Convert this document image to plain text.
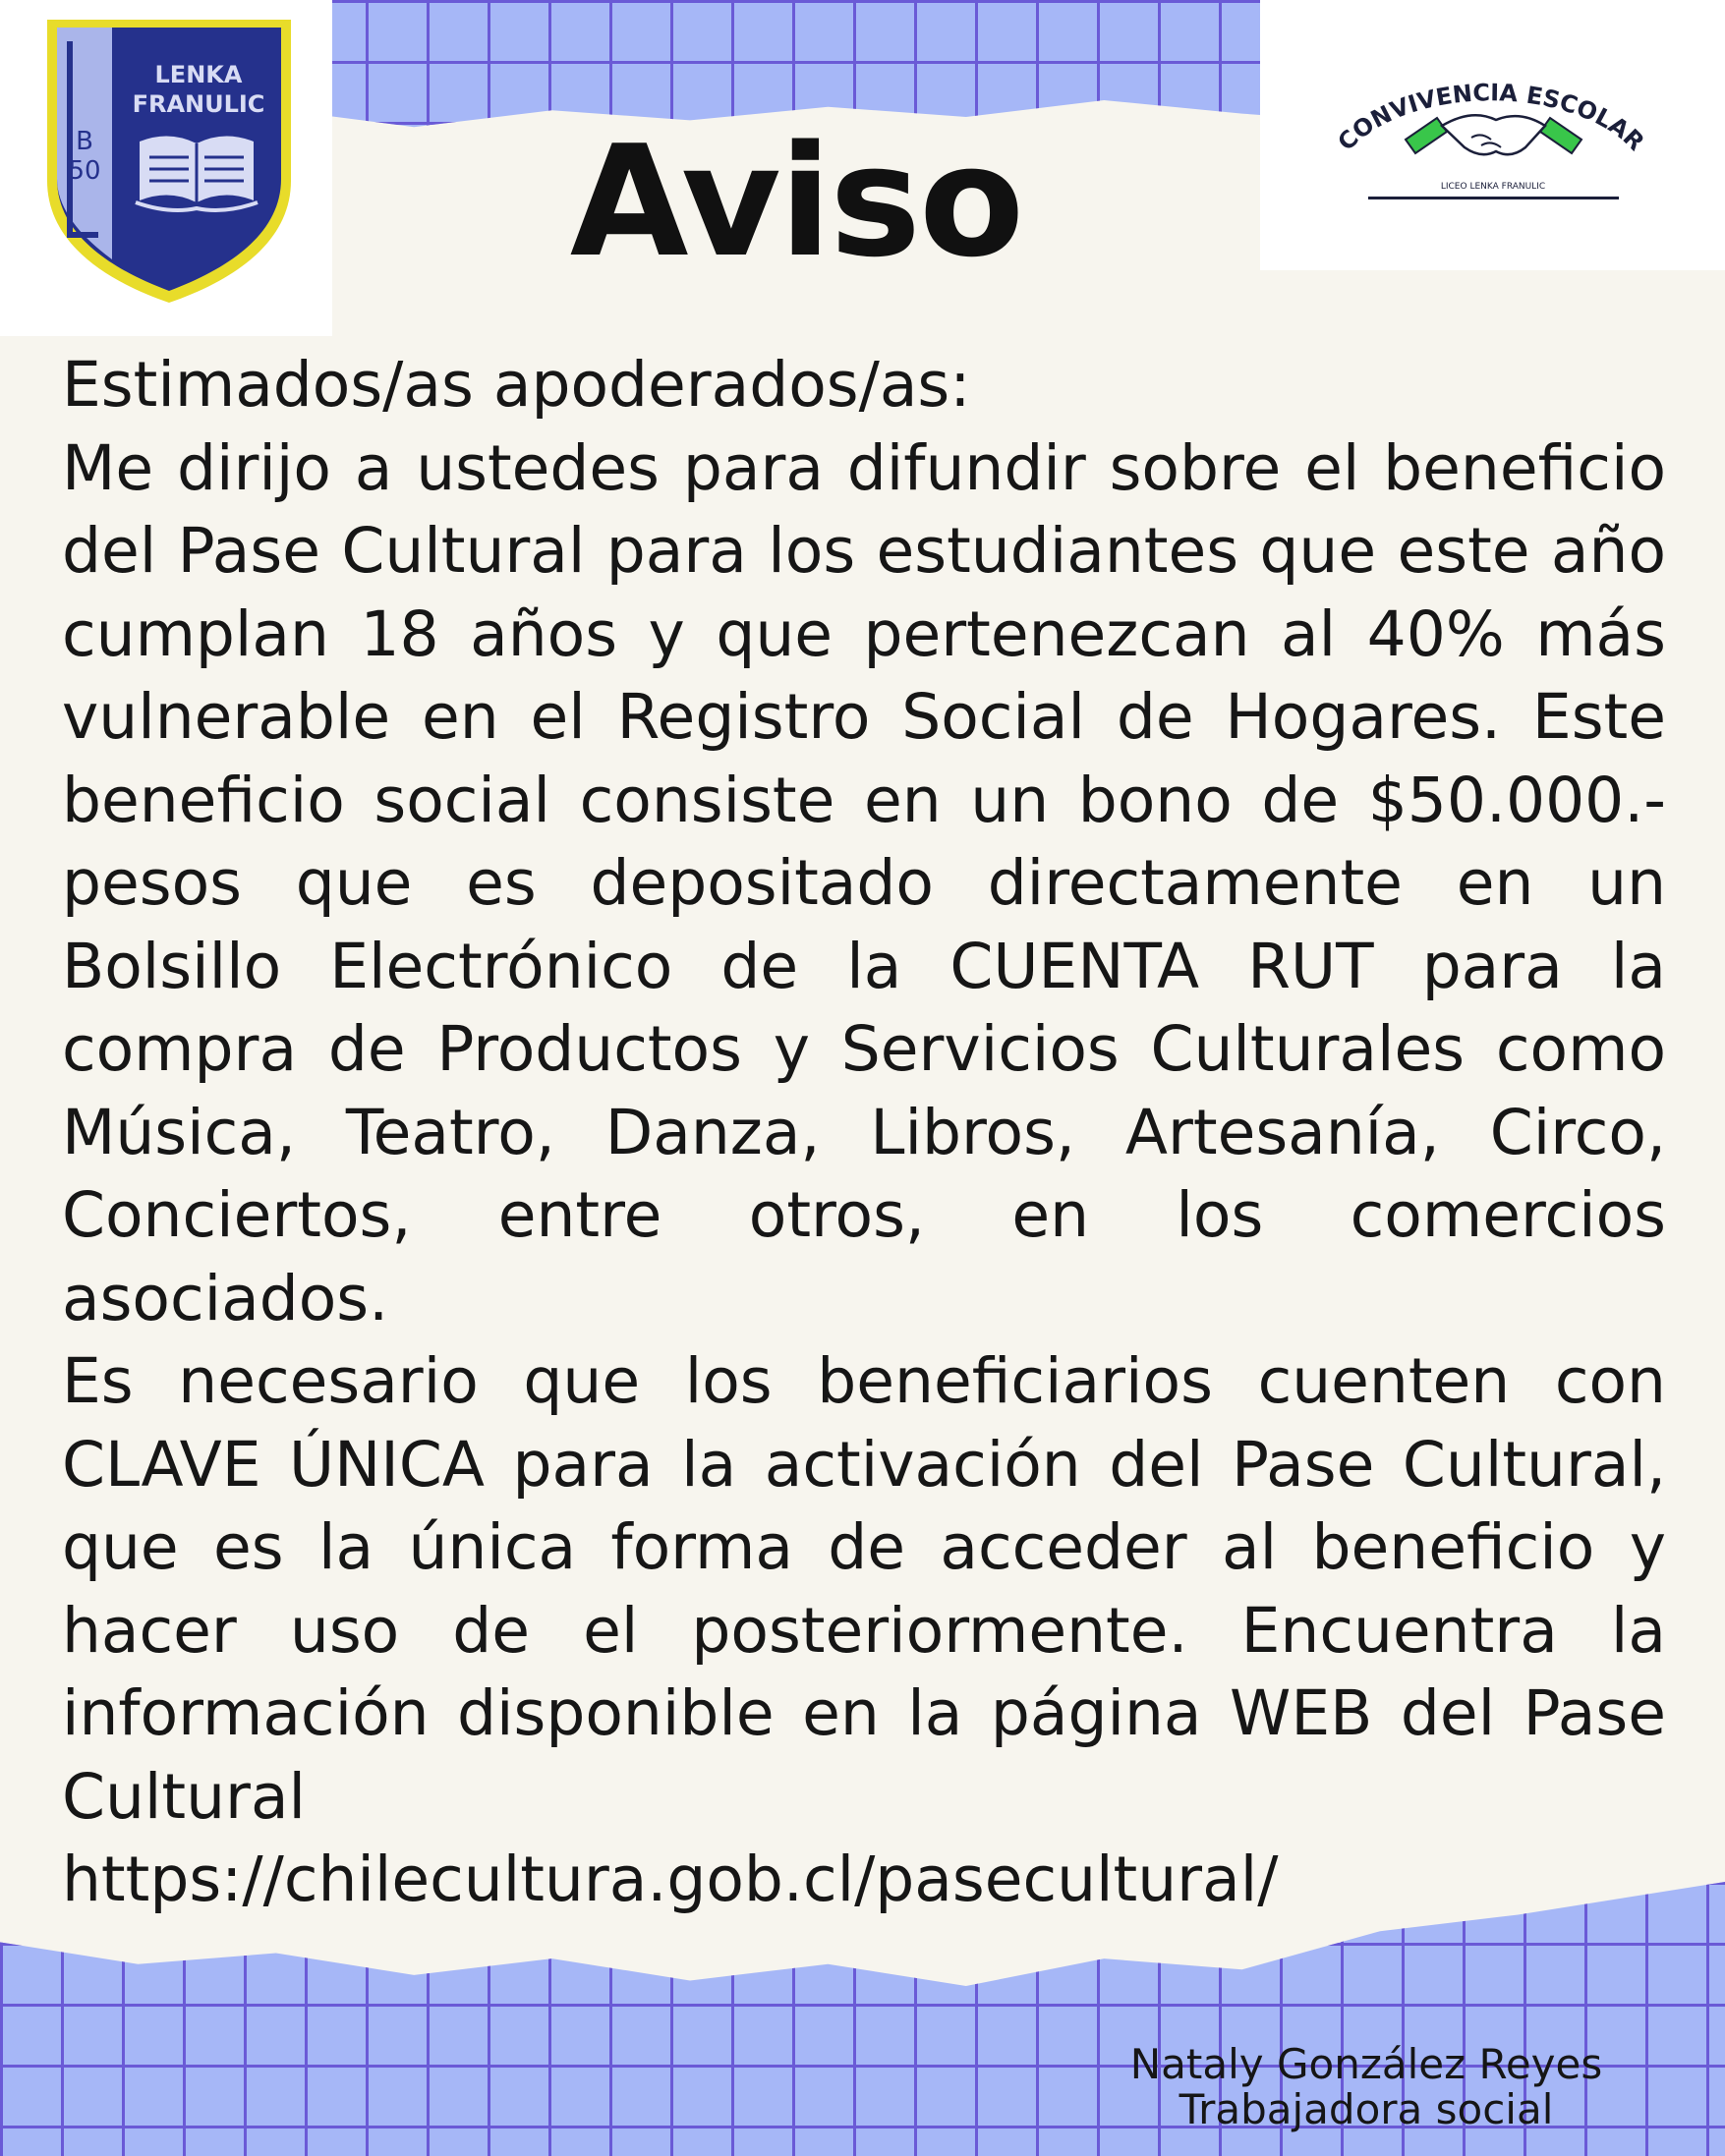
B
50
LENKA
FRANULIC
CONVIVENCIA ESCOLAR
LICEO LENKA FRANULIC
Aviso

Estimados/as apoderados/as:

Me dirijo a ustedes para difundir sobre el beneficio del Pase Cultural para los estudiantes que este año cumplan 18 años y que pertenezcan al 40% más vulnerable en el Registro Social de Hogares. Este beneficio social consiste en un bono de $50.000.- pesos que es depositado directamente en un Bolsillo Electrónico de la CUENTA RUT para la compra de Productos y Servicios Culturales como Música, Teatro, Danza, Libros, Artesanía, Circo, Conciertos, entre otros, en los comercios asociados.

Es necesario que los beneficiarios cuenten con CLAVE ÚNICA para la activación del Pase Cultural, que es la única forma de acceder al beneficio y hacer uso de el posteriormente. Encuentra la información disponible en la página WEB del Pase Cultural

https://chilecultura.gob.cl/pasecultural/

Nataly González Reyes
Trabajadora social
